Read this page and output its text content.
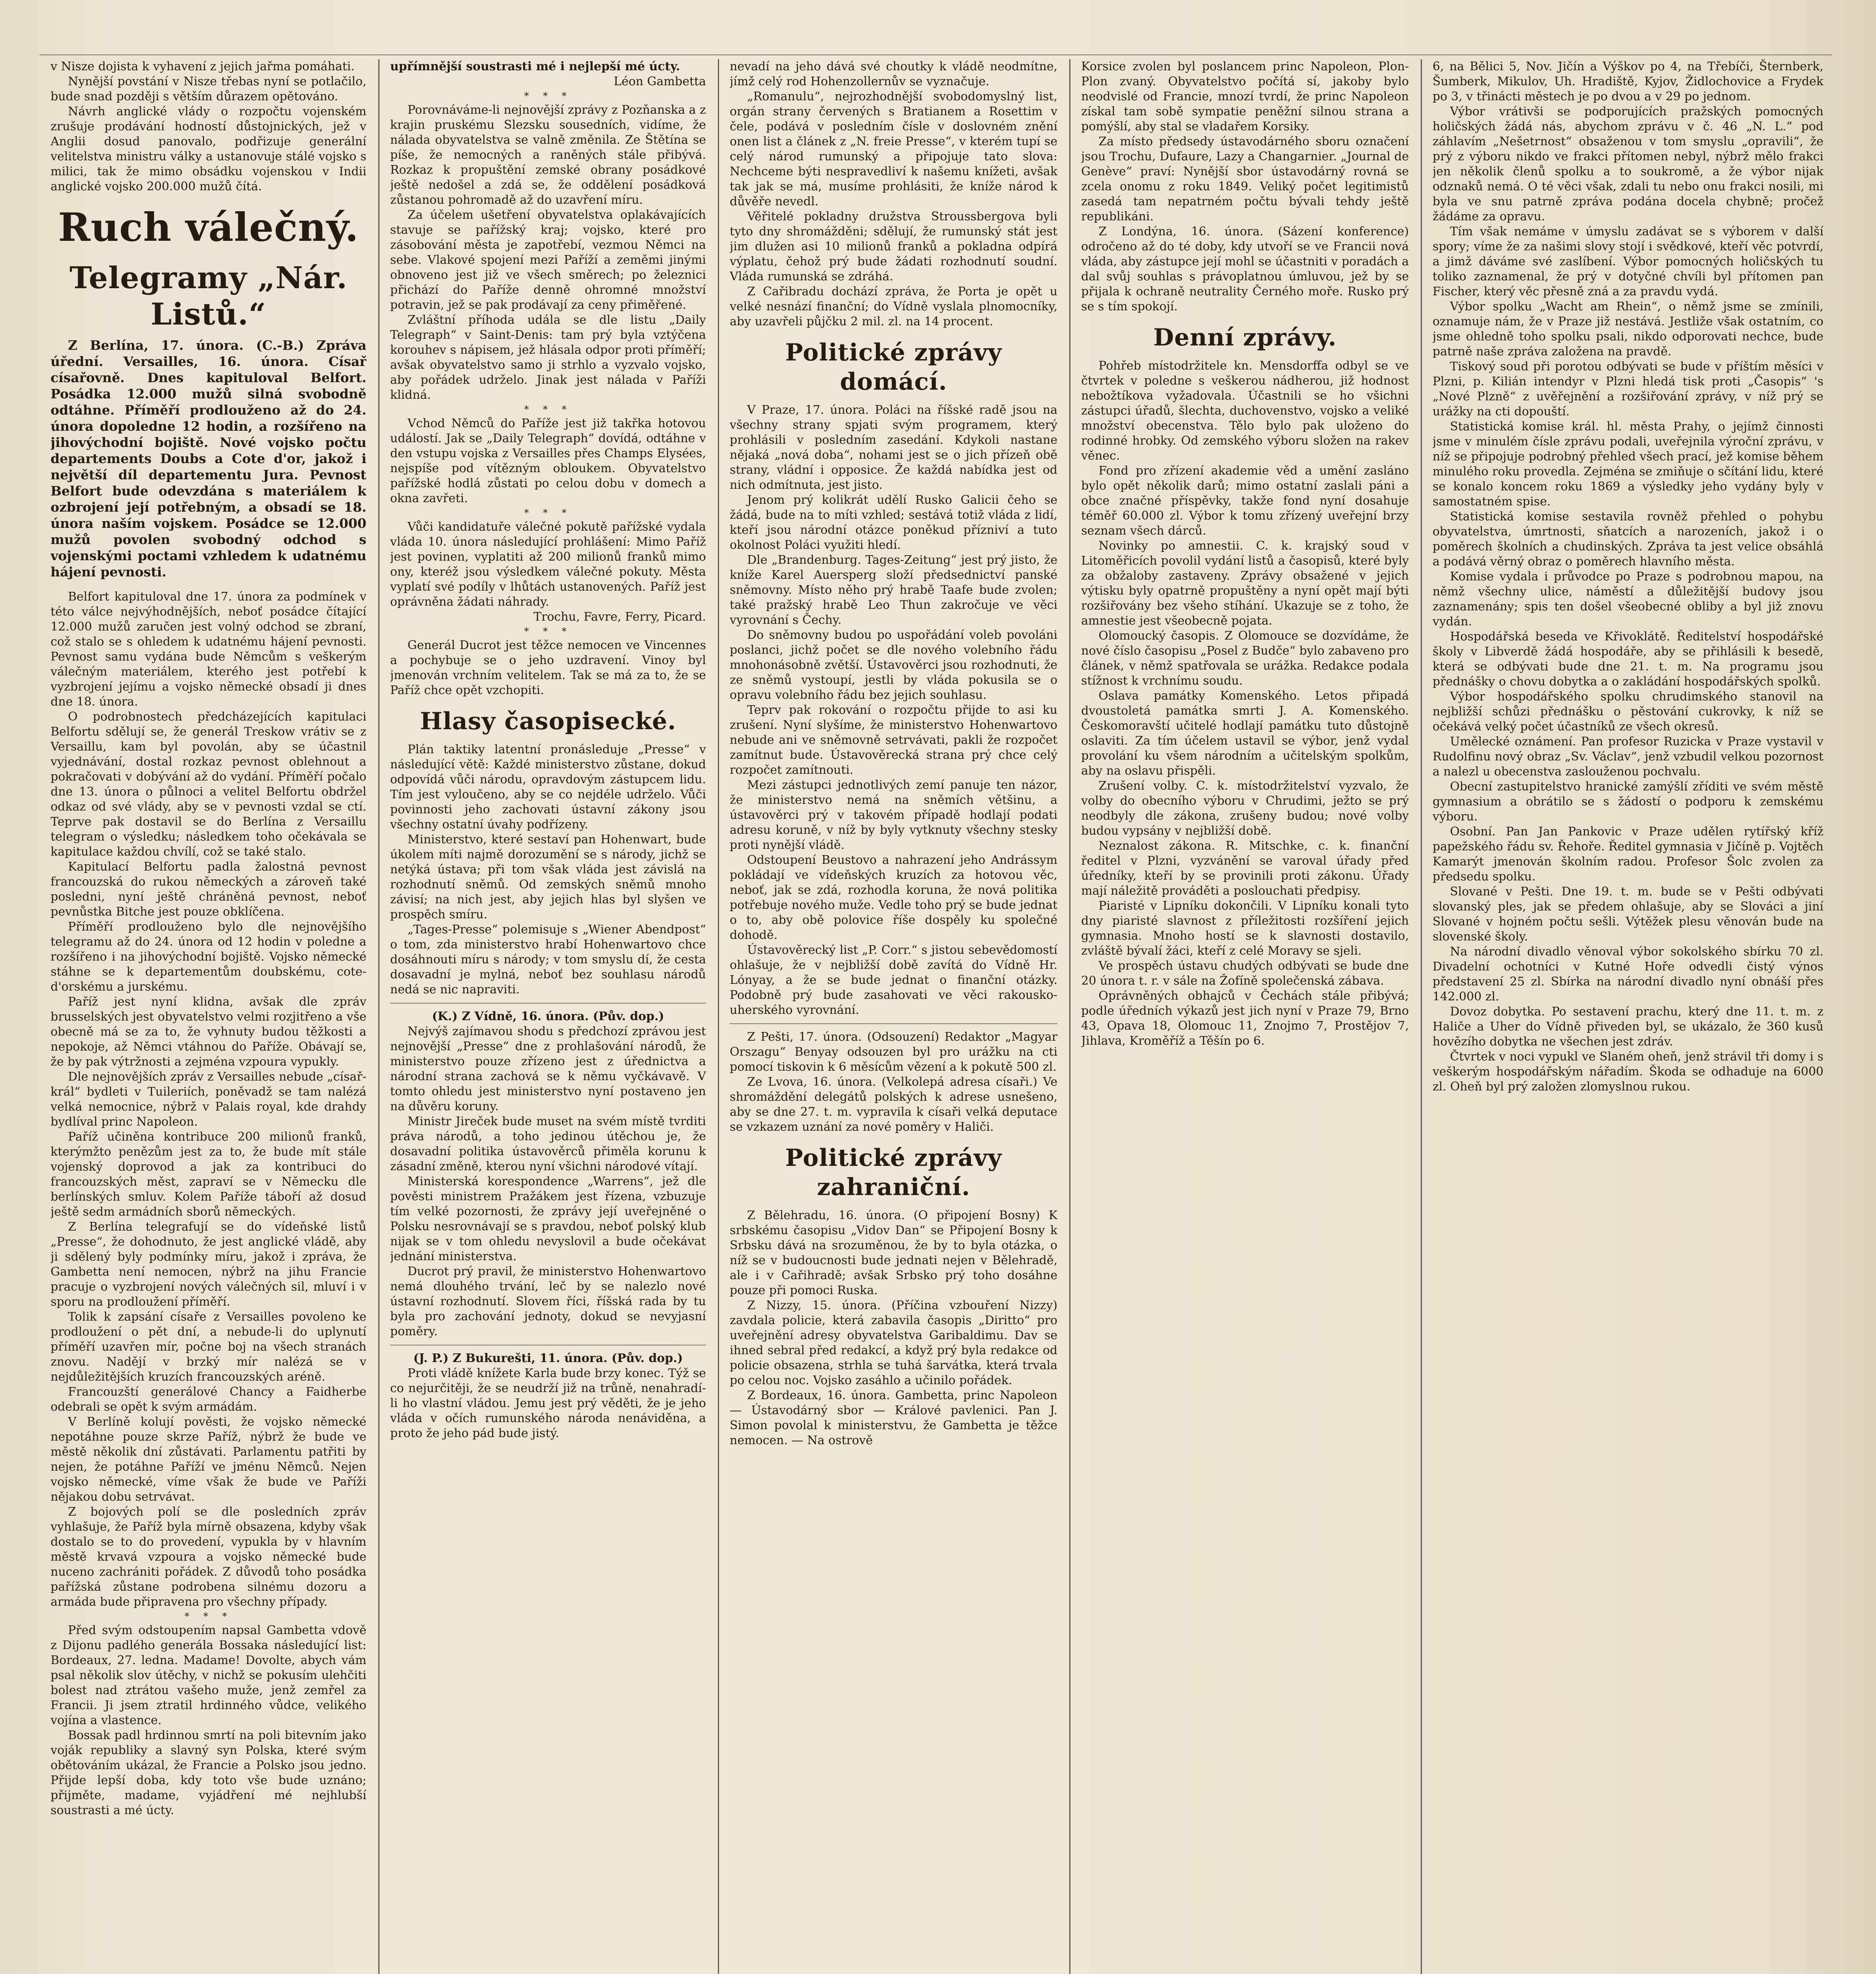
v Nisze dojista k vyhavení z jejich jařma pomáhati.

Nynější povstání v Nisze třebas nyní se potlačilo, bude snad později s větším důrazem opětováno.

Návrh anglické vlády o rozpočtu vojenském zrušuje prodávání hodností důstojnických, jež v Anglii dosud panovalo, podřizuje generální velitelstva ministru války a ustanovuje stálé vojsko s milici, tak že mimo obsádku vojenskou v Indii anglické vojsko 200.000 mužů čítá.

Ruch válečný.
Telegramy „Nár. Listů.“

Z Berlína, 17. února. (C.-B.) Zpráva úřední. Versailles, 16. února. Císař císařovně. Dnes kapituloval Belfort. Posádka 12.000 mužů silná svobodně odtáhne. Příměří prodlouženo až do 24. února dopoledne 12 hodin, a rozšířeno na jihovýchodní bojiště. Nové vojsko počtu departements Doubs a Cote d'or, jakož i největší díl departementu Jura. Pevnost Belfort bude odevzdána s materiálem k ozbrojení její potřebným, a obsadí se 18. února naším vojskem. Posádce se 12.000 mužů povolen svobodný odchod s vojenskými poctami vzhledem k udatnému hájení pevnosti.

Belfort kapituloval dne 17. února za podmínek v této válce nejvýhodnějších, neboť posádce čítající 12.000 mužů zaručen jest volný odchod se zbraní, což stalo se s ohledem k udatnému hájení pevnosti. Pevnost samu vydána bude Němcům s veškerým válečným materiálem, kterého jest potřebí k vyzbrojení jejímu a vojsko německé obsadí ji dnes dne 18. února.

O podrobnostech předcházejících kapitulaci Belfortu sdělují se, že generál Treskow vrátiv se z Versaillu, kam byl povolán, aby se účastnil vyjednávání, dostal rozkaz pevnost oblehnout a pokračovati v dobývání až do vydání. Příměří počalo dne 13. února o půlnoci a velitel Belfortu obdržel odkaz od své vlády, aby se v pevnosti vzdal se ctí. Teprve pak dostavil se do Berlína z Versaillu telegram o výsledku; následkem toho očekávala se kapitulace každou chvílí, což se také stalo.

Kapitulací Belfortu padla žalostná pevnost francouzská do rukou německých a zároveň také posledni, nyní ještě chráněná pevnost, neboť pevnůstka Bitche jest pouze obklíčena.

Příměří prodlouženo bylo dle nejnovějšího telegramu až do 24. února od 12 hodin v poledne a rozšířeno i na jihovýchodní bojiště. Vojsko německé stáhne se k departementům doubskému, cote-d'orskému a jurskému.

Paříž jest nyní klidna, avšak dle zpráv brusselských jest obyvatelstvo velmi rozjitřeno a vše obecně má se za to, že vyhnuty budou těžkosti a nepokoje, až Němci vtáhnou do Paříže. Obávají se, že by pak výtržnosti a zejména vzpoura vypukly.

Dle nejnovějších zpráv z Versailles nebude „císař-král“ bydleti v Tuileriích, poněvadž se tam nalézá velká nemocnice, nýbrž v Palais royal, kde drahdy bydlíval princ Napoleon.

Paříž učiněna kontribuce 200 milionů franků, kterýmžto penězům jest za to, že bude mít stále vojenský doprovod a jak za kontribuci do francouzských měst, zapraví se v Německu dle berlínských smluv. Kolem Paříže táboří až dosud ještě sedm armádních sborů německých.

Z Berlína telegrafují se do vídeňské listů „Presse“, že dohodnuto, že jest anglické vládě, aby ji sdělený byly podmínky míru, jakož i zpráva, že Gambetta není nemocen, nýbrž na jihu Francie pracuje o vyzbrojení nových válečných sil, mluví i v sporu na prodloužení příměří.

Tolik k zapsání císaře z Versailles povoleno ke prodloužení o pět dní, a nebude-li do uplynutí příměří uzavřen mír, počne boj na všech stranách znovu. Nadějí v brzký mír nalézá se v nejdůležitějších kruzích francouzských aréně.

Francouzští generálové Chancy a Faidherbe odebrali se opět k svým armádám.

V Berlíně kolují pověsti, že vojsko německé nepotáhne pouze skrze Paříž, nýbrž že bude ve městě několik dní zůstávati. Parlamentu patřiti by nejen, že potáhne Paříží ve jménu Němců. Nejen vojsko německé, víme však že bude ve Paříži nějakou dobu setrvávat.

Z bojových polí se dle posledních zpráv vyhlašuje, že Paříž byla mírně obsazena, kdyby však dostalo se to do provedení, vypukla by v hlavním městě krvavá vzpoura a vojsko německé bude nuceno zachrániti pořádek. Z důvodů toho posádka pařížská zůstane podrobena silnému dozoru a armáda bude připravena pro všechny případy.

* * *

Před svým odstoupením napsal Gambetta vdově z Dijonu padlého generála Bossaka následující list: Bordeaux, 27. ledna. Madame! Dovolte, abych vám psal několik slov útěchy, v nichž se pokusím ulehčiti bolest nad ztrátou vašeho muže, jenž zemřel za Francii. Ji jsem ztratil hrdinného vůdce, velikého vojína a vlastence.

Bossak padl hrdinnou smrtí na poli bitevním jako voják republiky a slavný syn Polska, které svým obětováním ukázal, že Francie a Polsko jsou jedno. Přijde lepší doba, kdy toto vše bude uznáno; přijměte, madame, vyjádření mé nejhlubší soustrasti a mé úcty.

upřímnější soustrasti mé i nejlepší mé úcty.

Léon Gambetta

* * *

Porovnáváme-li nejnovější zprávy z Pozňanska a z krajin pruskému Slezsku sousedních, vidíme, že nálada obyvatelstva se valně změnila. Ze Štětína se píše, že nemocných a raněných stále přibývá. Rozkaz k propuštění zemské obrany posádkové ještě nedošel a zdá se, že oddělení posádková zůstanou pohromadě až do uzavření míru.

Za účelem ušetření obyvatelstva oplakávajících stavuje se pařížský kraj; vojsko, které pro zásobování města je zapotřebí, vezmou Němci na sebe. Vlakové spojení mezi Paříží a zeměmi jinými obnoveno jest již ve všech směrech; po železnici přichází do Paříže denně ohromné množství potravin, jež se pak prodávají za ceny přiměřené.

Zvláštní příhoda udála se dle listu „Daily Telegraph“ v Saint-Denis: tam prý byla vztýčena korouhev s nápisem, jež hlásala odpor proti příměří; avšak obyvatelstvo samo ji strhlo a vyzvalo vojsko, aby pořádek udrželo. Jinak jest nálada v Paříži klidná.

* * *

Vchod Němců do Paříže jest již takřka hotovou událostí. Jak se „Daily Telegraph“ dovídá, odtáhne v den vstupu vojska z Versailles přes Champs Elysées, nejspíše pod vítězným obloukem. Obyvatelstvo pařížské hodlá zůstati po celou dobu v domech a okna zavřeti.

* * *

Vůči kandidatuře válečné pokutě pařížské vydala vláda 10. února následující prohlášení: Mimo Paříž jest povinen, vyplatiti až 200 milionů franků mimo ony, kteréž jsou výsledkem válečné pokuty. Města vyplatí své podíly v lhůtách ustanovených. Paříž jest oprávněna žádati náhrady.

Trochu, Favre, Ferry, Picard.

* * *

Generál Ducrot jest těžce nemocen ve Vincennes a pochybuje se o jeho uzdravení. Vinoy byl jmenován vrchním velitelem. Tak se má za to, že se Paříž chce opět vzchopiti.

Hlasy časopisecké.

Plán taktiky latentní pronásleduje „Presse“ v následující větě: Každé ministerstvo zůstane, dokud odpovídá vůči národu, opravdovým zástupcem lidu. Tím jest vyloučeno, aby se co nejdéle udrželo. Vůči povinnosti jeho zachovati ústavní zákony jsou všechny ostatní úvahy podřízeny.

Ministerstvo, které sestaví pan Hohenwart, bude úkolem míti najmě dorozumění se s národy, jichž se netýká ústava; při tom však vláda jest závislá na rozhodnutí sněmů. Od zemských sněmů mnoho závisí; na nich jest, aby jejich hlas byl slyšen ve prospěch smíru.

„Tages-Presse“ polemisuje s „Wiener Abendpost“ o tom, zda ministerstvo hrabí Hohenwartovo chce dosáhnouti míru s národy; v tom smyslu dí, že cesta dosavadní je mylná, neboť bez souhlasu národů nedá se nic napraviti.

(K.) Z Vídně, 16. února. (Pův. dop.)

Nejvýš zajímavou shodu s předchozí zprávou jest nejnovější „Presse“ dne z prohlašování národů, že ministerstvo pouze zřízeno jest z úřednictva a národní strana zachová se k němu vyčkávavě. V tomto ohledu jest ministerstvo nyní postaveno jen na důvěru koruny.

Ministr Jireček bude muset na svém místě tvrditi práva národů, a toho jedinou útěchou je, že dosavadní politika ústavověrců přiměla korunu k zásadní změně, kterou nyní všichni národové vítají.

Ministerská korespondence „Warrens“, jež dle pověsti ministrem Pražákem jest řízena, vzbuzuje tím velké pozornosti, že zprávy její uveřejněné o Polsku nesrovnávají se s pravdou, neboť polský klub nijak se v tom ohledu nevyslovil a bude očekávat jednání ministerstva.

Ducrot prý pravil, že ministerstvo Hohenwartovo nemá dlouhého trvání, leč by se nalezlo nové ústavní rozhodnutí. Slovem říci, říšská rada by tu byla pro zachování jednoty, dokud se nevyjasní poměry.

(J. P.) Z Bukurešti, 11. února. (Pův. dop.)

Proti vládě knížete Karla bude brzy konec. Týž se co nejurčitěji, že se neudrží již na trůně, nenahradí-li ho vlastní vládou. Jemu jest prý věděti, že je jeho vláda v očích rumunského národa nenáviděna, a proto že jeho pád bude jistý.

nevadí na jeho dává své choutky k vládě neodmítne, jímž celý rod Hohenzollernův se vyznačuje.

„Romanulu“, nejrozhodnější svobodomyslný list, orgán strany červených s Bratianem a Rosettim v čele, podává v posledním čísle v doslovném znění onen list a článek z „N. freie Presse“, v kterém tupí se celý národ rumunský a připojuje tato slova: Nechceme býti nespravedliví k našemu knížeti, avšak tak jak se má, musíme prohlásiti, že kníže národ k důvěře nevedl.

Věřitelé pokladny družstva Stroussbergova byli tyto dny shromážděni; sdělují, že rumunský stát jest jim dlužen asi 10 milionů franků a pokladna odpírá výplatu, čehož prý bude žádati rozhodnutí soudní. Vláda rumunská se zdráhá.

Z Cařibradu dochází zpráva, že Porta je opět u velké nesnází finanční; do Vídně vyslala plnomocníky, aby uzavřeli půjčku 2 mil. zl. na 14 procent.

Politické zprávy domácí.

V Praze, 17. února. Poláci na říšské radě jsou na všechny strany spjati svým programem, který prohlásili v posledním zasedání. Kdykoli nastane nějaká „nová doba“, nohami jest se o jich přízeň obě strany, vládní i opposice. Že každá nabídka jest od nich odmítnuta, jest jisto.

Jenom prý kolikrát udělí Rusko Galicii čeho se žádá, bude na to míti vzhled; sestává totiž vláda z lidí, kteří jsou národní otázce poněkud přízniví a tuto okolnost Poláci využiti hledí.

Dle „Brandenburg. Tages-Zeitung“ jest prý jisto, že kníže Karel Auersperg složí předsednictví panské sněmovny. Místo něho prý hrabě Taafe bude zvolen; také pražský hrabě Leo Thun zakročuje ve věci vyrovnání s Čechy.

Do sněmovny budou po uspořádání voleb povoláni poslanci, jichž počet se dle nového volebního řádu mnohonásobně zvětší. Ústavověrci jsou rozhodnuti, že ze sněmů vystoupí, jestli by vláda pokusila se o opravu volebního řádu bez jejich souhlasu.

Teprv pak rokování o rozpočtu přijde to asi ku zrušení. Nyní slyšíme, že ministerstvo Hohenwartovo nebude ani ve sněmovně setrvávati, pakli že rozpočet zamítnut bude. Ústavověrecká strana prý chce celý rozpočet zamítnouti.

Mezi zástupci jednotlivých zemí panuje ten názor, že ministerstvo nemá na sněmích většinu, a ústavověrci prý v takovém případě hodlají podati adresu koruně, v níž by byly vytknuty všechny stesky proti nynější vládě.

Odstoupení Beustovo a nahrazení jeho Andrássym pokládají ve vídeňských kruzích za hotovou věc, neboť, jak se zdá, rozhodla koruna, že nová politika potřebuje nového muže. Vedle toho prý se bude jednat o to, aby obě polovice říše dospěly ku společné dohodě.

Ústavověrecký list „P. Corr.“ s jistou sebevědomostí ohlašuje, že v nejbližší době zavítá do Vídně Hr. Lónyay, a že se bude jednat o finanční otázky. Podobně prý bude zasahovati ve věci rakousko-uherského vyrovnání.

Z Pešti, 17. února. (Odsouzení) Redaktor „Magyar Orszagu“ Benyay odsouzen byl pro urážku na cti pomocí tiskovin k 6 měsícům vězení a k pokutě 500 zl.

Ze Lvova, 16. února. (Velkolepá adresa císaři.) Ve shromáždění delegátů polských k adrese usnešeno, aby se dne 27. t. m. vypravila k císaři velká deputace se vzkazem uznání za nové poměry v Haliči.

Politické zprávy zahraniční.

Z Bělehradu, 16. února. (O připojení Bosny) K srbskému časopisu „Vidov Dan“ se Připojení Bosny k Srbsku dává na srozuměnou, že by to byla otázka, o níž se v budoucnosti bude jednati nejen v Bělehradě, ale i v Cařihradě; avšak Srbsko prý toho dosáhne pouze při pomoci Ruska.

Z Nizzy, 15. února. (Příčina vzbouření Nizzy) zavdala policie, která zabavila časopis „Diritto“ pro uveřejnění adresy obyvatelstva Garibaldimu. Dav se ihned sebral před redakcí, a když prý byla redakce od policie obsazena, strhla se tuhá šarvátka, která trvala po celou noc. Vojsko zasáhlo a učinilo pořádek.

Z Bordeaux, 16. února. Gambetta, princ Napoleon — Ústavodárný sbor — Králové pavlenici. Pan J. Simon povolal k ministerstvu, že Gambetta je těžce nemocen. — Na ostrově

Korsice zvolen byl poslancem princ Napoleon, Plon-Plon zvaný. Obyvatelstvo počítá sí, jakoby bylo neodvislé od Francie, mnozí tvrdí, že princ Napoleon získal tam sobě sympatie peněžní silnou strana a pomýšlí, aby stal se vladařem Korsiky.

Za místo předsedy ústavodárného sboru označení jsou Trochu, Dufaure, Lazy a Changarnier. „Journal de Genève“ praví: Nynější sbor ústavodárný rovná se zcela onomu z roku 1849. Veliký počet legitimistů zasedá tam nepatrném počtu bývali tehdy ještě republikáni.

Z Londýna, 16. února. (Sázení konference) odročeno až do té doby, kdy utvoří se ve Francii nová vláda, aby zástupce její mohl se účastniti v poradách a dal svůj souhlas s právoplatnou úmluvou, jež by se přijala k ochraně neutrality Černého moře. Rusko prý se s tím spokojí.

Denní zprávy.

Pohřeb místodržitele kn. Mensdorffa odbyl se ve čtvrtek v poledne s veškerou nádherou, již hodnost nebožtíkova vyžadovala. Účastnili se ho všichni zástupci úřadů, šlechta, duchovenstvo, vojsko a veliké množství obecenstva. Tělo bylo pak uloženo do rodinné hrobky. Od zemského výboru složen na rakev věnec.

Fond pro zřízení akademie věd a umění zasláno bylo opět několik darů; mimo ostatní zaslali páni a obce značné příspěvky, takže fond nyní dosahuje téměř 60.000 zl. Výbor k tomu zřízený uveřejní brzy seznam všech dárců.

Novinky po amnestii. C. k. krajský soud v Litoměřicích povolil vydání listů a časopisů, které byly za obžaloby zastaveny. Zprávy obsažené v jejich výtisku byly opatrně propuštěny a nyní opět mají býti rozšiřovány bez všeho stíhání. Ukazuje se z toho, že amnestie jest všeobecně pojata.

Olomoucký časopis. Z Olomouce se dozvídáme, že nové číslo časopisu „Posel z Budče“ bylo zabaveno pro článek, v němž spatřovala se urážka. Redakce podala stížnost k vrchnímu soudu.

Oslava památky Komenského. Letos připadá dvoustoletá památka smrti J. A. Komenského. Českomoravští učitelé hodlají památku tuto důstojně oslaviti. Za tím účelem ustavil se výbor, jenž vydal provolání ku všem národním a učitelským spolkům, aby na oslavu přispěli.

Zrušení volby. C. k. místodržitelství vyzvalo, že volby do obecního výboru v Chrudimi, ježto se prý neodbyly dle zákona, zrušeny budou; nové volby budou vypsány v nejbližší době.

Neznalost zákona. R. Mitschke, c. k. finanční ředitel v Plzni, vyzvánění se varoval úřady před úředníky, kteří by se provinili proti zákonu. Úřady mají náležitě prováděti a poslouchati předpisy.

Piaristé v Lipníku dokončili. V Lipníku konali tyto dny piaristé slavnost z příležitosti rozšíření jejich gymnasia. Mnoho hostí se k slavnosti dostavilo, zvláště bývalí žáci, kteří z celé Moravy se sjeli.

Ve prospěch ústavu chudých odbývati se bude dne 20 února t. r. v sále na Žofíně společenská zábava.

Oprávněných obhajců v Čechách stále přibývá; podle úředních výkazů jest jich nyní v Praze 79, Brno 43, Opava 18, Olomouc 11, Znojmo 7, Prostějov 7, Jihlava, Kroměříž a Těšín po 6.

6, na Bělici 5, Nov. Jičín a Výškov po 4, na Třebíči, Šternberk, Šumberk, Mikulov, Uh. Hradiště, Kyjov, Židlochovice a Frydek po 3, v třinácti městech je po dvou a v 29 po jednom.

Výbor vrátivši se podporujících pražských pomocných holičských žádá nás, abychom zprávu v č. 46 „N. L.“ pod záhlavím „Nešetrnost“ obsaženou v tom smyslu „opravili“, že prý z výboru nikdo ve frakci přítomen nebyl, nýbrž mělo frakci jen několik členů spolku a to soukromě, a že výbor nijak odznaků nemá. O té věci však, zdali tu nebo onu frakci nosili, mi byla ve snu patrně zpráva podána docela chybně; pročež žádáme za opravu.

Tím však nemáme v úmyslu zadávat se s výborem v další spory; víme že za našimi slovy stojí i svědkové, kteří věc potvrdí, a jimž dáváme své zaslíbení. Výbor pomocných holičských tu toliko zaznamenal, že prý v dotyčné chvíli byl přítomen pan Fischer, který věc přesně zná a za pravdu vydá.

Výbor spolku „Wacht am Rhein“, o němž jsme se zmínili, oznamuje nám, že v Praze již nestává. Jestliže však ostatním, co jsme ohledně toho spolku psali, nikdo odporovati nechce, bude patrně naše zpráva založena na pravdě.

Tiskový soud při porotou odbývati se bude v příštím měsíci v Plzni, p. Kilián intendyr v Plzni hledá tisk proti „Časopis“ 's „Nové Plzně“ z uvěřejnění a rozšiřování zprávy, v níž prý se urážky na cti dopouští.

Statistická komise král. hl. města Prahy, o jejímž činnosti jsme v minulém čísle zprávu podali, uveřejnila výroční zprávu, v níž se připojuje podrobný přehled všech prací, jež komise během minulého roku provedla. Zejména se zmiňuje o sčítání lidu, které se konalo koncem roku 1869 a výsledky jeho vydány byly v samostatném spise.

Statistická komise sestavila rovněž přehled o pohybu obyvatelstva, úmrtnosti, sňatcích a narozeních, jakož i o poměrech školních a chudinských. Zpráva ta jest velice obsáhlá a podává věrný obraz o poměrech hlavního města.

Komise vydala i průvodce po Praze s podrobnou mapou, na němž všechny ulice, náměstí a důležitější budovy jsou zaznamenány; spis ten došel všeobecné obliby a byl již znovu vydán.

Hospodářská beseda ve Křivoklátě. Ředitelství hospodářské školy v Libverdě žádá hospodáře, aby se přihlásili k besedě, která se odbývati bude dne 21. t. m. Na programu jsou přednášky o chovu dobytka a o zakládání hospodářských spolků.

Výbor hospodářského spolku chrudimského stanovil na nejbližší schůzi přednášku o pěstování cukrovky, k níž se očekává velký počet účastníků ze všech okresů.

Umělecké oznámení. Pan profesor Ruzicka v Praze vystavil v Rudolfinu nový obraz „Sv. Václav“, jenž vzbudil velkou pozornost a nalezl u obecenstva zaslouženou pochvalu.

Obecní zastupitelstvo hranické zamýšlí zříditi ve svém městě gymnasium a obrátilo se s žádostí o podporu k zemskému výboru.

Osobní. Pan Jan Pankovic v Praze udělen rytířský kříž papežského řádu sv. Řehoře. Ředitel gymnasia v Jičíně p. Vojtěch Kamarýt jmenován školním radou. Profesor Šolc zvolen za předsedu spolku.

Slované v Pešti. Dne 19. t. m. bude se v Pešti odbývati slovanský ples, jak se předem ohlašuje, aby se Slováci a jiní Slované v hojném počtu sešli. Výtěžek plesu věnován bude na slovenské školy.

Na národní divadlo věnoval výbor sokolského sbírku 70 zl. Divadelní ochotníci v Kutné Hoře odvedli čistý výnos představení 25 zl. Sbírka na národní divadlo nyní obnáší přes 142.000 zl.

Dovoz dobytka. Po sestavení prachu, který dne 11. t. m. z Haliče a Uher do Vídně přiveden byl, se ukázalo, že 360 kusů hovězího dobytka ne všechen jest zdráv.

Čtvrtek v noci vypukl ve Slaném oheň, jenž strávil tři domy i s veškerým hospodářským nářadím. Škoda se odhaduje na 6000 zl. Oheň byl prý založen zlomyslnou rukou.
